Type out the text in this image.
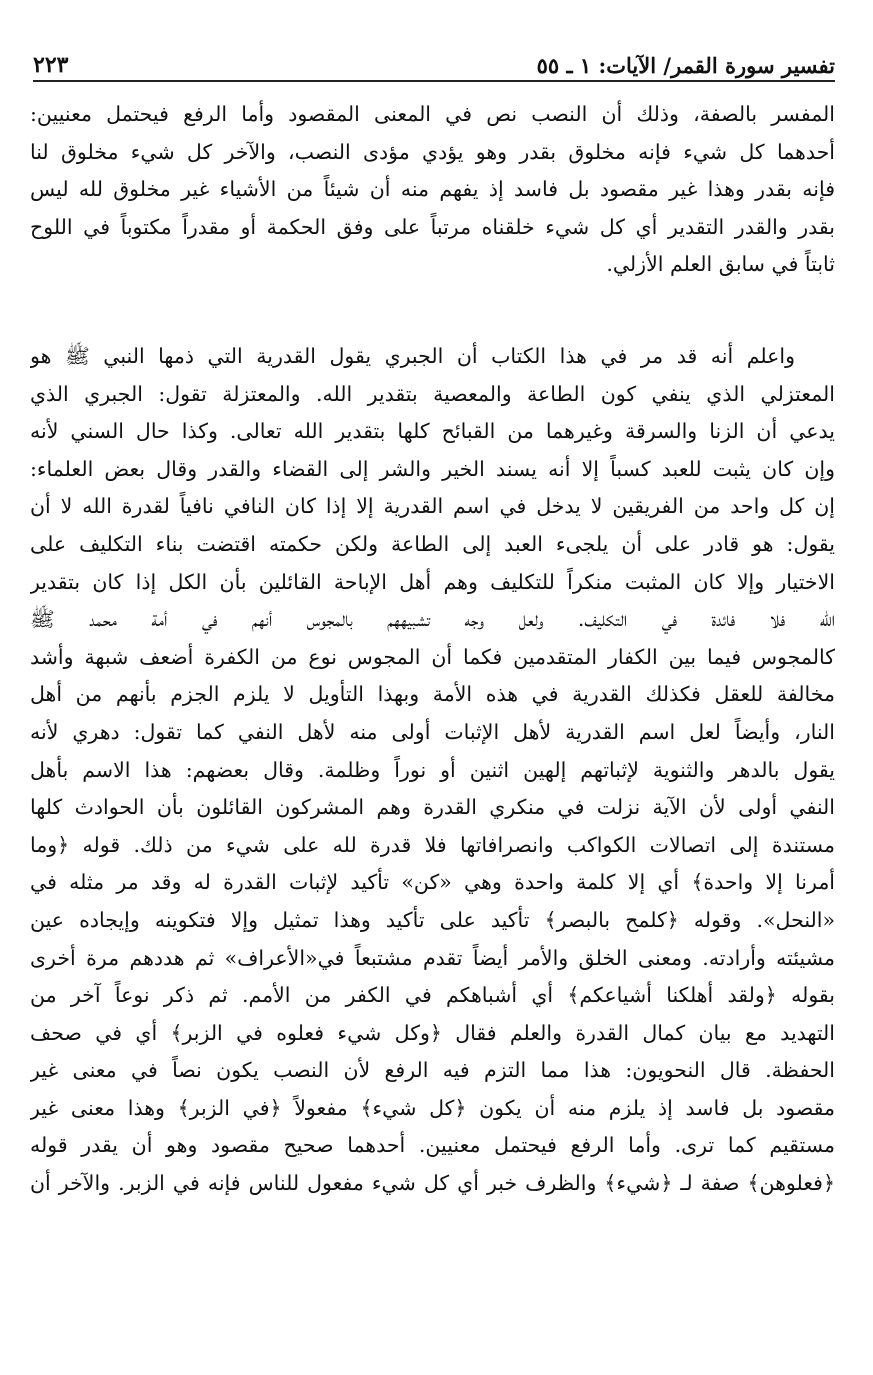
تفسير سورة القمر/ الآيات: ١ ـ ٥٥
٢٢٣
المفسر بالصفة، وذلك أن النصب نص في المعنى المقصود وأما الرفع فيحتمل معنيين:
أحدهما كل شيء فإنه مخلوق بقدر وهو يؤدي مؤدى النصب، والآخر كل شيء مخلوق لنا
فإنه بقدر وهذا غير مقصود بل فاسد إذ يفهم منه أن شيئاً من الأشياء غير مخلوق لله ليس
بقدر والقدر التقدير أي كل شيء خلقناه مرتباً على وفق الحكمة أو مقدراً مكتوباً في اللوح
ثابتاً في سابق العلم الأزلي.
واعلم أنه قد مر في هذا الكتاب أن الجبري يقول القدرية التي ذمها النبي ﷺ هو
المعتزلي الذي ينفي كون الطاعة والمعصية بتقدير الله. والمعتزلة تقول: الجبري الذي
يدعي أن الزنا والسرقة وغيرهما من القبائح كلها بتقدير الله تعالى. وكذا حال السني لأنه
وإن كان يثبت للعبد كسباً إلا أنه يسند الخير والشر إلى القضاء والقدر وقال بعض العلماء:
إن كل واحد من الفريقين لا يدخل في اسم القدرية إلا إذا كان النافي نافياً لقدرة الله لا أن
يقول: هو قادر على أن يلجىء العبد إلى الطاعة ولكن حكمته اقتضت بناء التكليف على
الاختيار وإلا كان المثبت منكراً للتكليف وهم أهل الإباحة القائلين بأن الكل إذا كان بتقدير
الله فلا فائدة في التكليف. ولعل وجه تشبيههم بالمجوس أنهم في أمة محمد ﷺ
كالمجوس فيما بين الكفار المتقدمين فكما أن المجوس نوع من الكفرة أضعف شبهة وأشد
مخالفة للعقل فكذلك القدرية في هذه الأمة وبهذا التأويل لا يلزم الجزم بأنهم من أهل
النار، وأيضاً لعل اسم القدرية لأهل الإثبات أولى منه لأهل النفي كما تقول: دهري لأنه
يقول بالدهر والثنوية لإثباتهم إلهين اثنين أو نوراً وظلمة. وقال بعضهم: هذا الاسم بأهل
النفي أولى لأن الآية نزلت في منكري القدرة وهم المشركون القائلون بأن الحوادث كلها
مستندة إلى اتصالات الكواكب وانصرافاتها فلا قدرة لله على شيء من ذلك. قوله ﴿وما
أمرنا إلا واحدة﴾ أي إلا كلمة واحدة وهي «كن» تأكيد لإثبات القدرة له وقد مر مثله في
«النحل». وقوله ﴿كلمح بالبصر﴾ تأكيد على تأكيد وهذا تمثيل وإلا فتكوينه وإيجاده عين
مشيئته وأرادته. ومعنى الخلق والأمر أيضاً تقدم مشتبعاً في«الأعراف» ثم هددهم مرة أخرى
بقوله ﴿ولقد أهلكنا أشياعكم﴾ أي أشباهكم في الكفر من الأمم. ثم ذكر نوعاً آخر من
التهديد مع بيان كمال القدرة والعلم فقال ﴿وكل شيء فعلوه في الزبر﴾ أي في صحف
الحفظة. قال النحويون: هذا مما التزم فيه الرفع لأن النصب يكون نصاً في معنى غير
مقصود بل فاسد إذ يلزم منه أن يكون ﴿كل شيء﴾ مفعولاً ﴿في الزبر﴾ وهذا معنى غير
مستقيم كما ترى. وأما الرفع فيحتمل معنيين. أحدهما صحيح مقصود وهو أن يقدر قوله
﴿فعلوهن﴾ صفة لـ ﴿شيء﴾ والظرف خبر أي كل شيء مفعول للناس فإنه في الزبر. والآخر أن
